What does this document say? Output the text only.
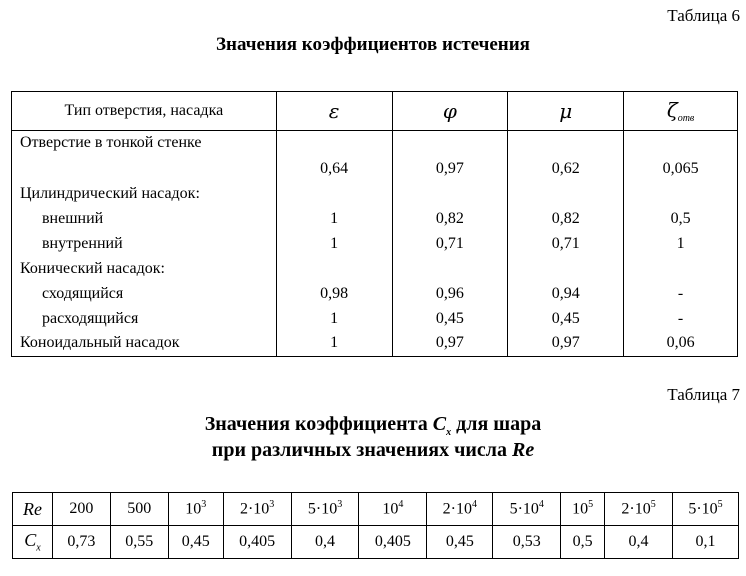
Таблица 6
Значения коэффициентов истечения
Тип отверстия, насадка	ε	φ	μ	$\zeta_{отв}$
Отверстие в тонкой стенке				
	0,64	0,97	0,62	0,065
Цилиндрический насадок:				
внешний	1	0,82	0,82	0,5
внутренний	1	0,71	0,71	1
Конический насадок:				
сходящийся	0,98	0,96	0,94	-
расходящийся	1	0,45	0,45	-
Коноидальный насадок	1	0,97	0,97	0,06
Таблица 7
Значения коэффициента $C_x$ для шара
при различных значениях числа Re
Re	200	500	$10^3$	$2\cdot 10^3$	$5\cdot 10^3$	$10^4$	$2\cdot 10^4$	$5\cdot 10^4$	$10^5$	$2\cdot 10^5$	$5\cdot 10^5$
$C_x$	0,73	0,55	0,45	0,405	0,4	0,405	0,45	0,53	0,5	0,4	0,1
